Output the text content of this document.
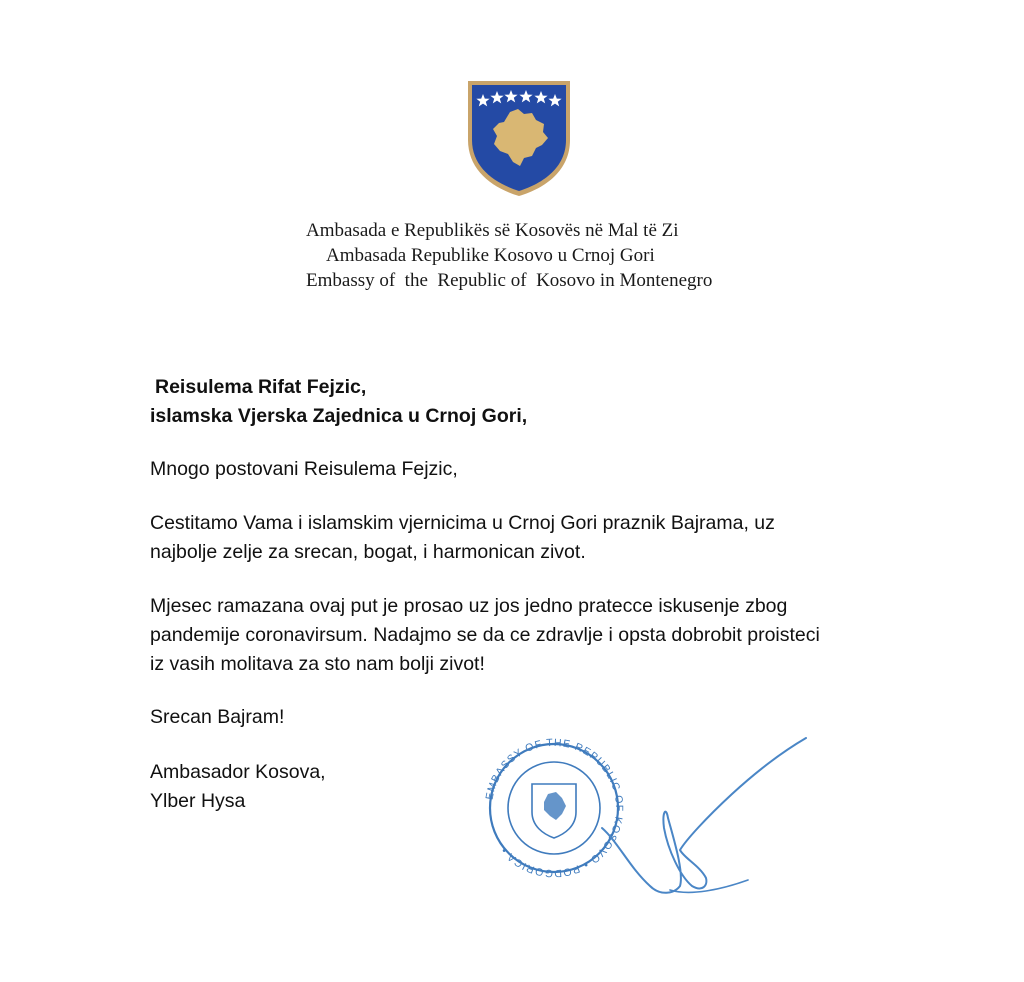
Ambasada e Republikës së Kosovës në Mal të Zi
Ambasada Republike Kosovo u Crnoj Gori
Embassy of  the  Republic of  Kosovo in Montenegro
Reisulema Rifat Fejzic,
islamska Vjerska Zajednica u Crnoj Gori,
Mnogo postovani Reisulema Fejzic,
Cestitamo Vama i islamskim vjernicima u Crnoj Gori praznik Bajrama, uz
najbolje zelje za srecan, bogat, i harmonican zivot.
Mjesec ramazana ovaj put je prosao uz jos jedno pratecce iskusenje zbog
pandemije coronavirsum. Nadajmo se da ce zdravlje i opsta dobrobit proisteci
iz vasih molitava za sto nam bolji zivot!
Srecan Bajram!
Ambasador Kosova,
Ylber Hysa	EMBASSY OF THE REPUBLIC OF KOSOVO • PODGORICA •
